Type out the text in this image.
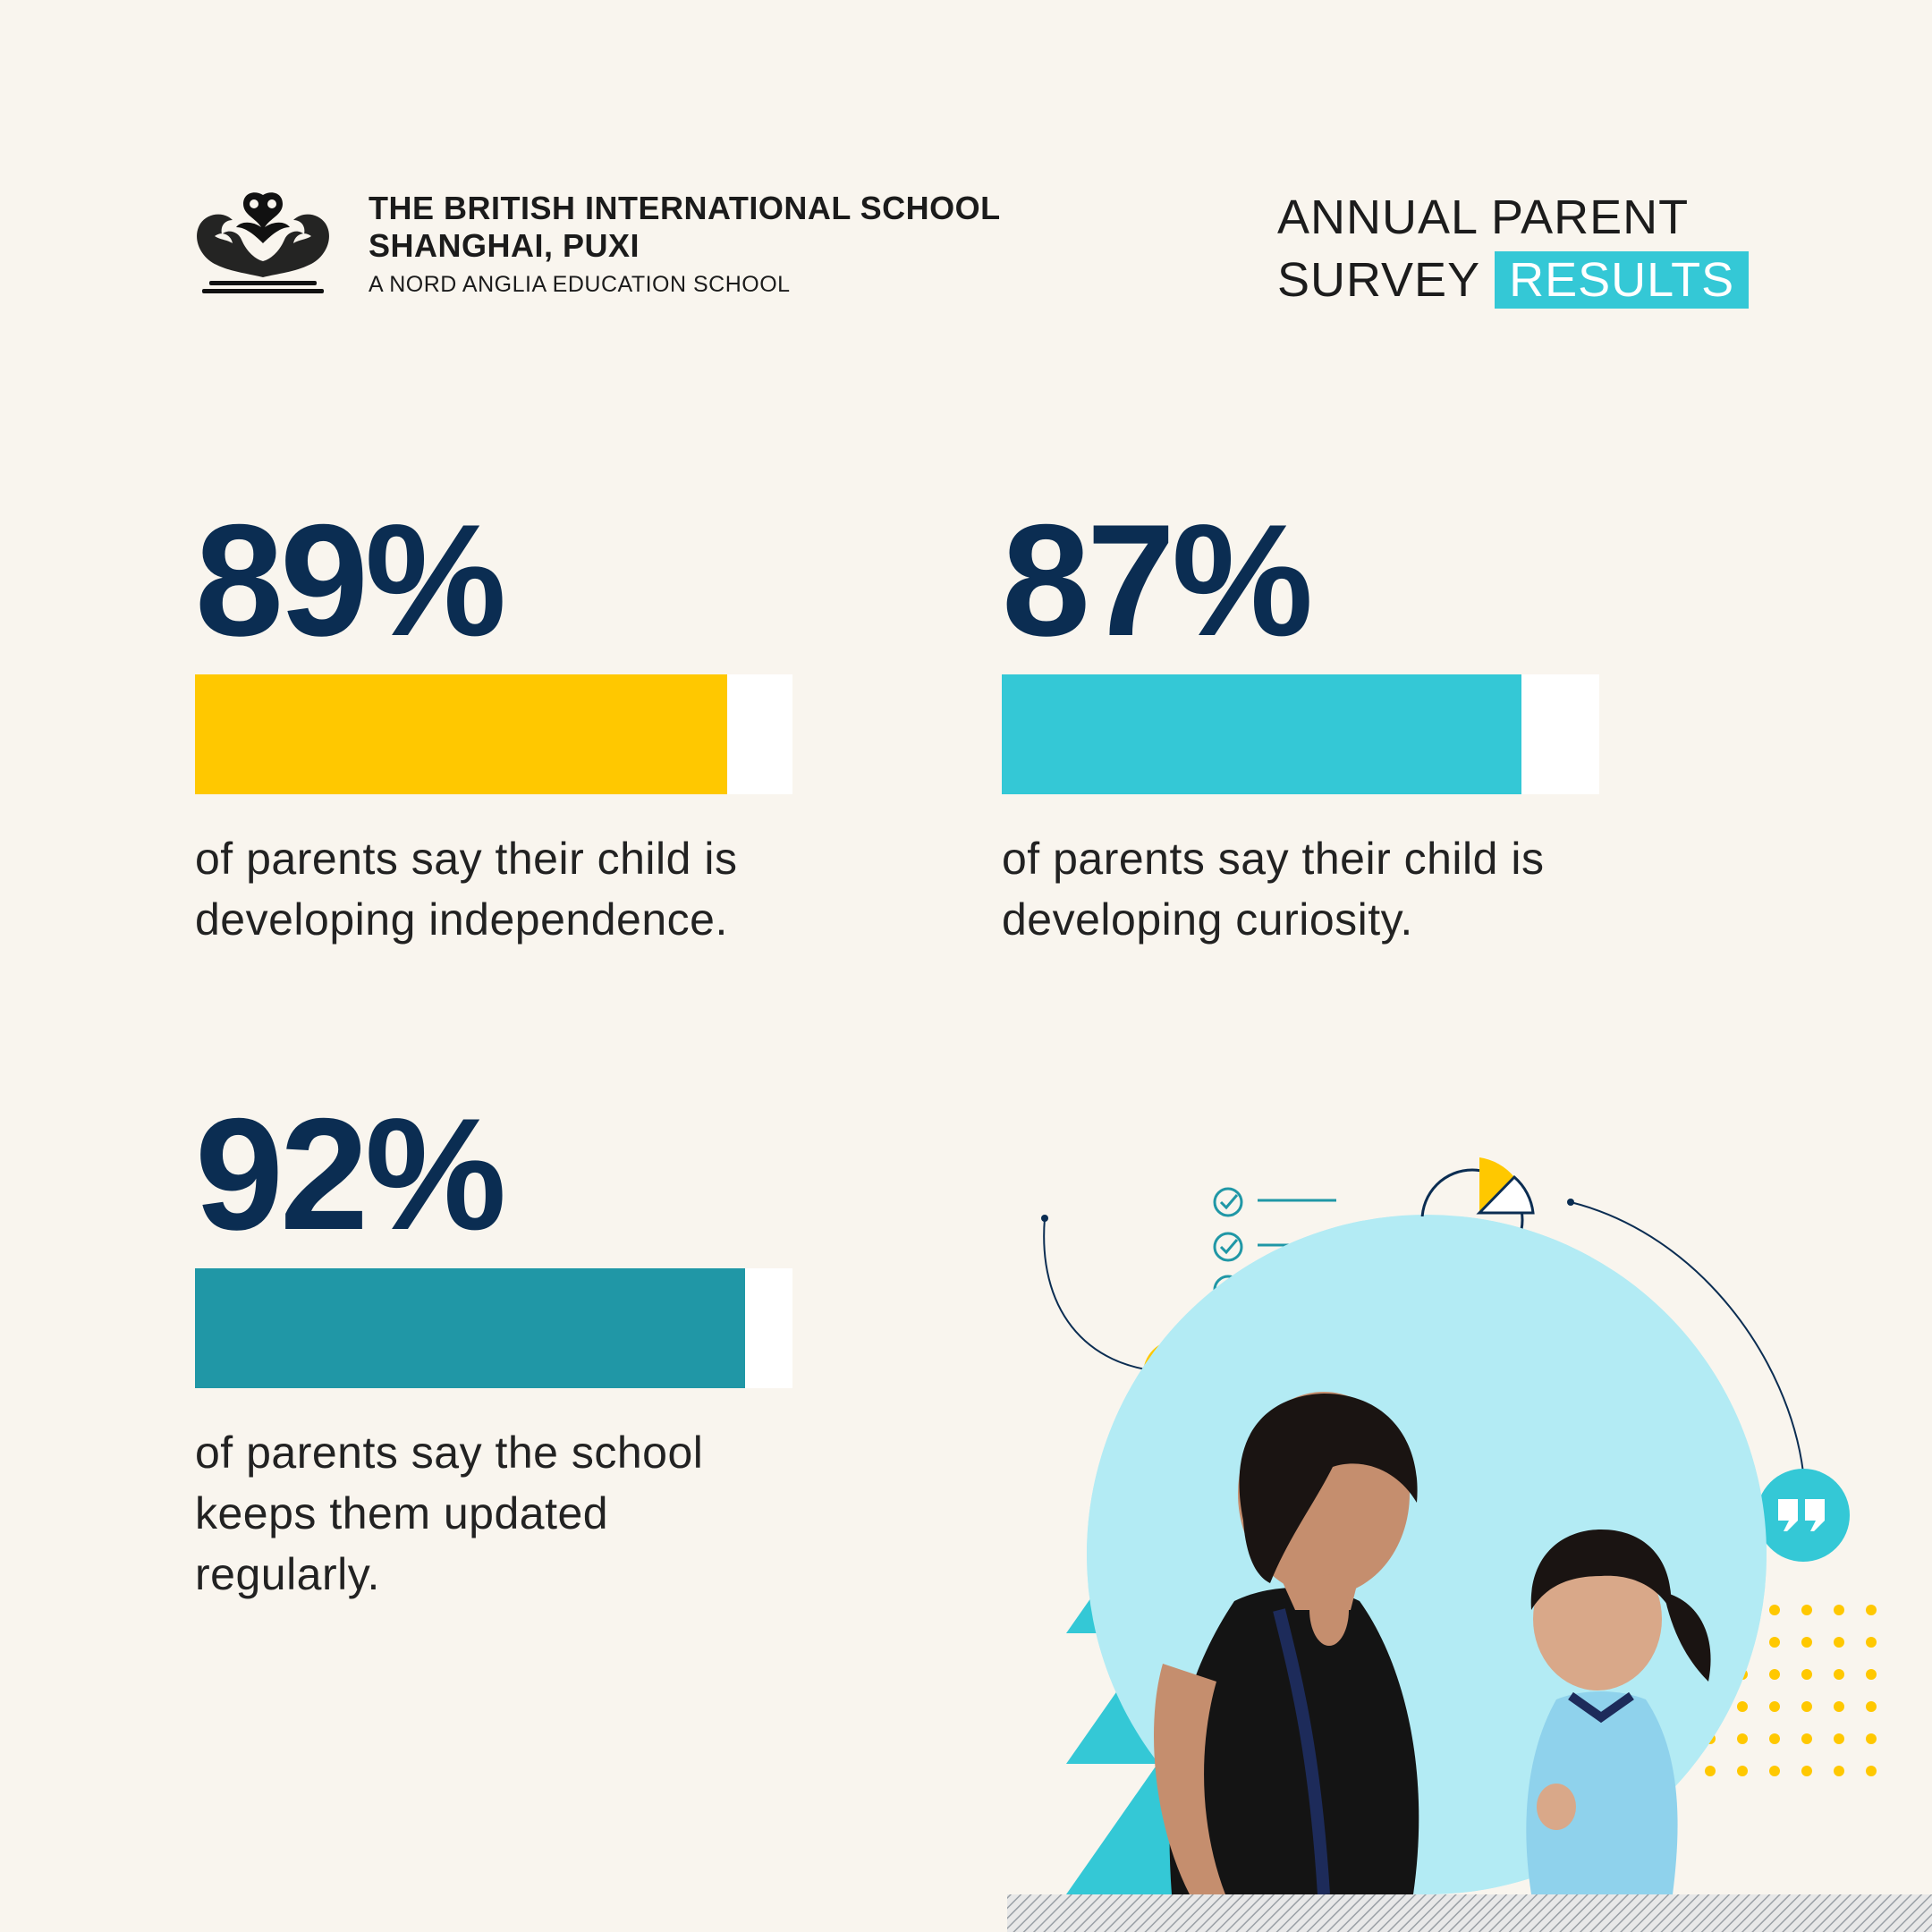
THE BRITISH INTERNATIONAL SCHOOL
SHANGHAI, PUXI
A NORD ANGLIA EDUCATION SCHOOL
ANNUAL PARENT
SURVEY RESULTS
89%
of parents say their child is
developing independence.
87%
of parents say their child is
developing curiosity.
92%
of parents say the school
keeps them updated
regularly.
